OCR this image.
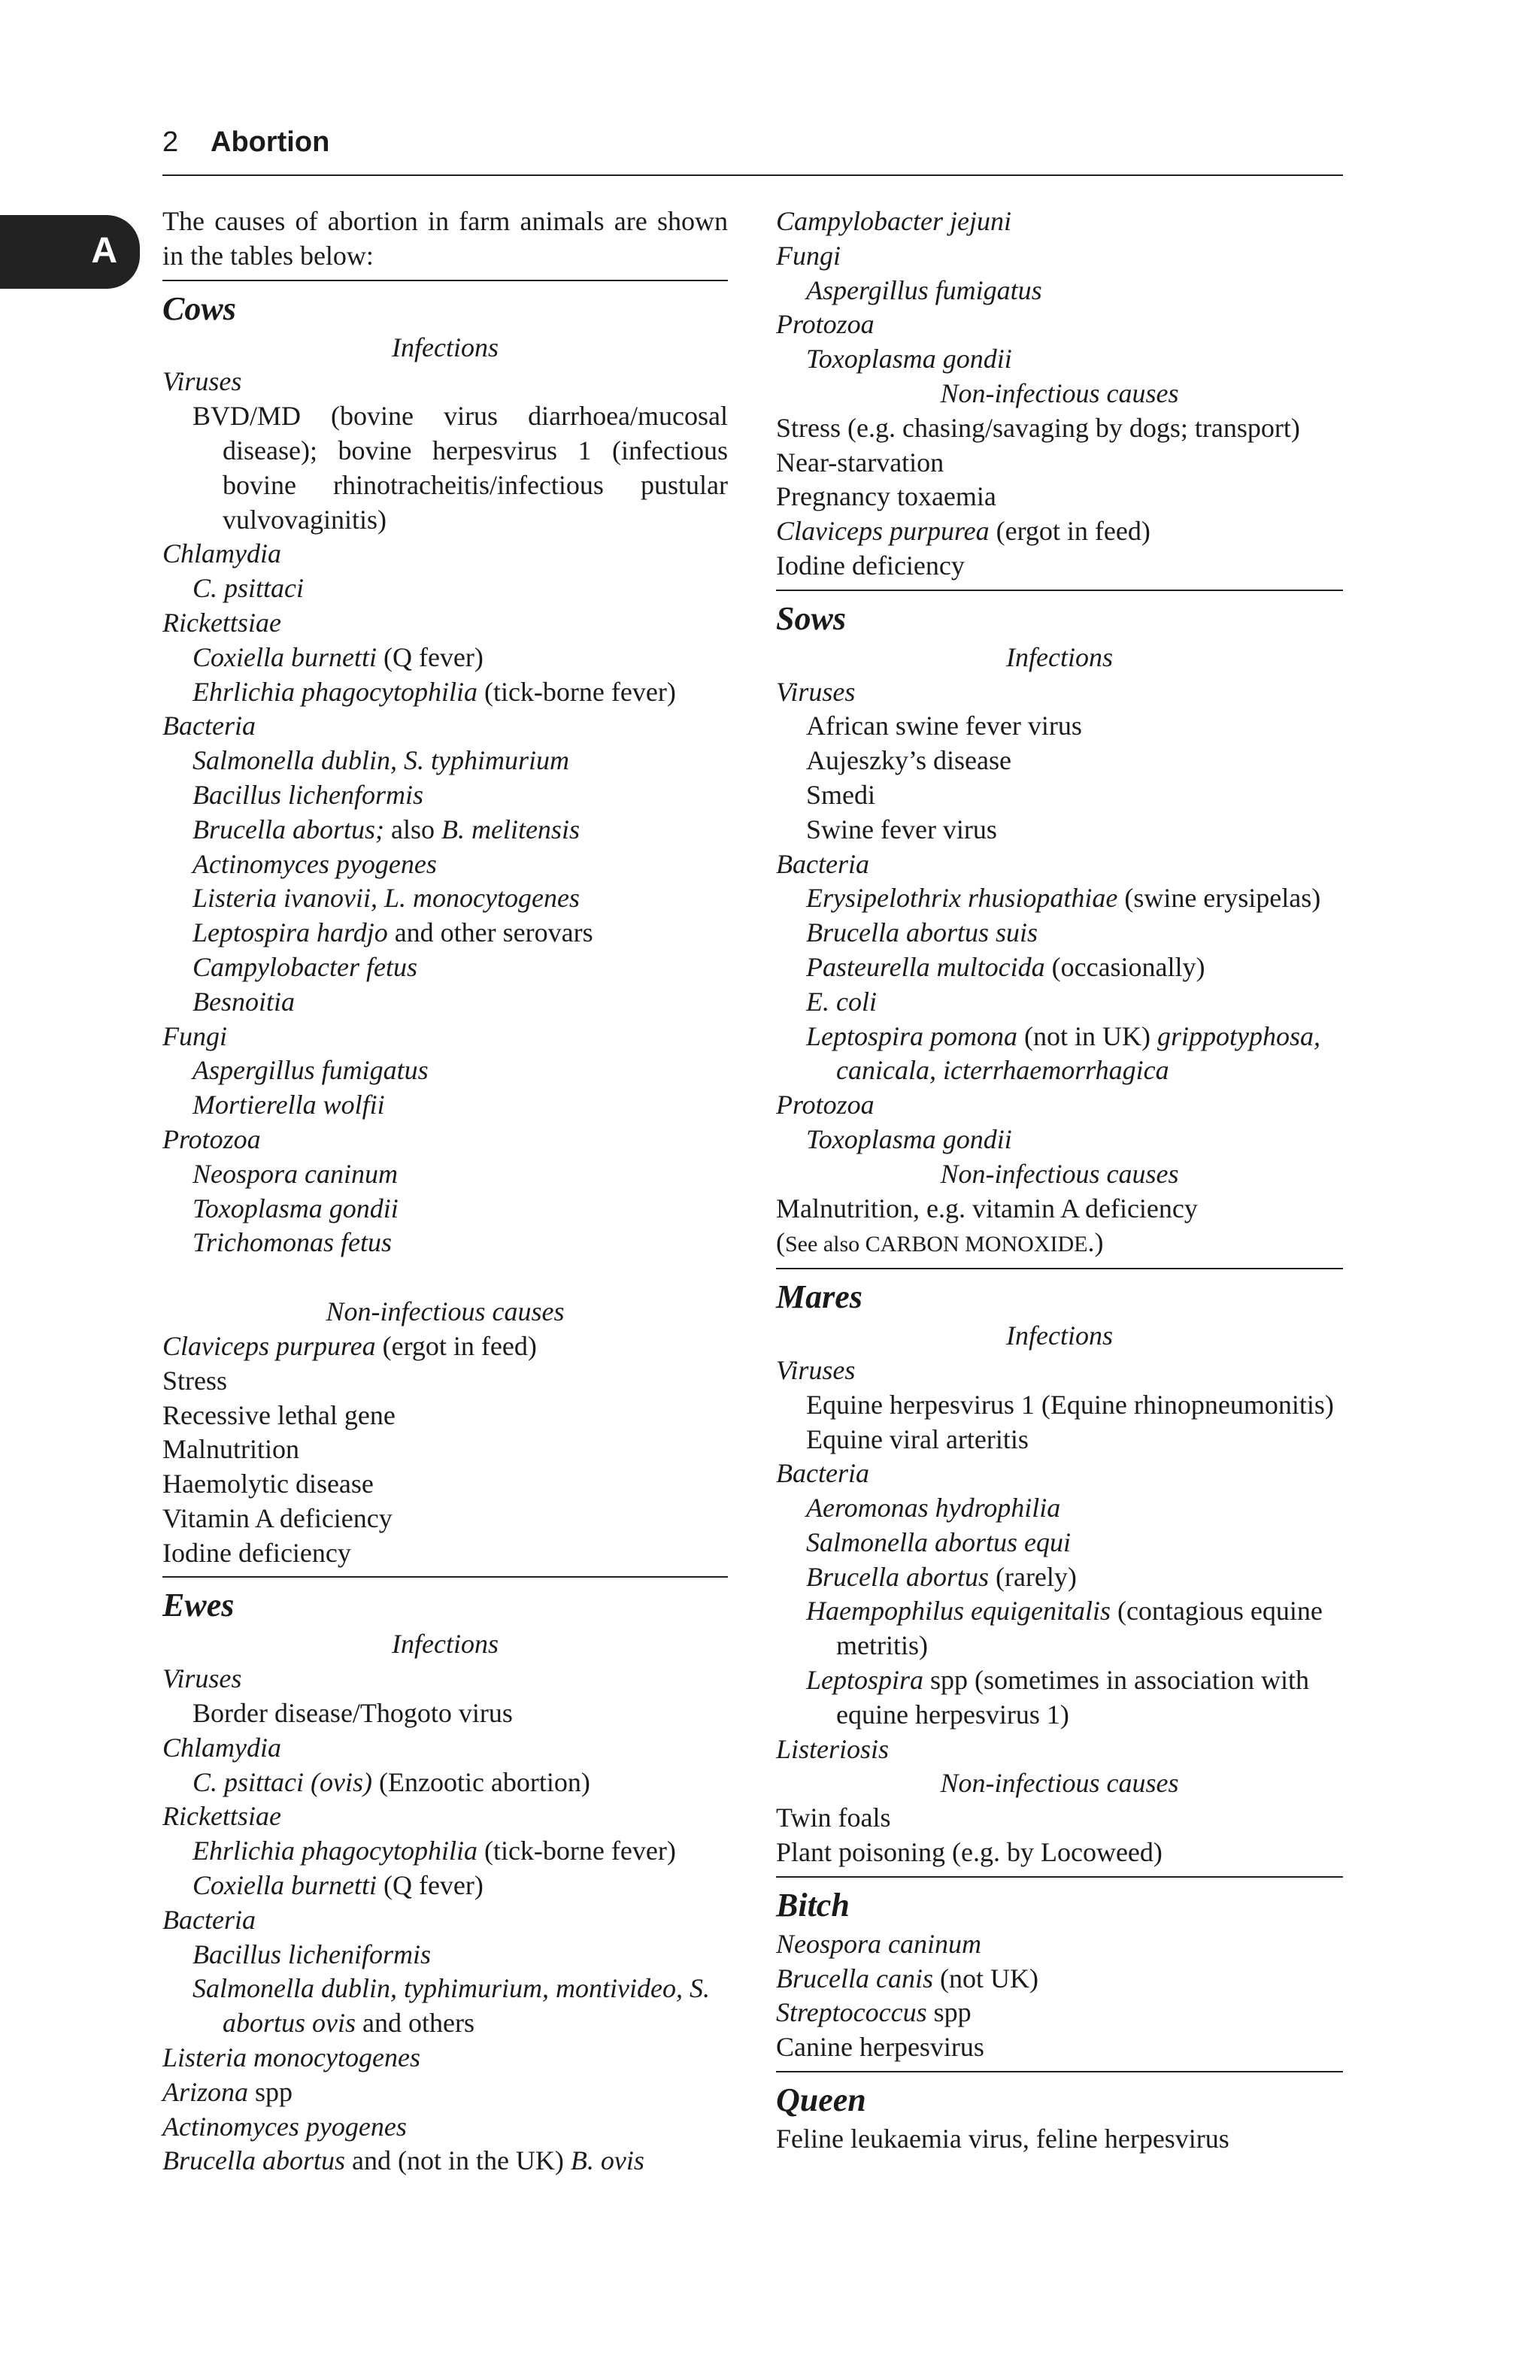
2 Abortion
A
The causes of abortion in farm animals are shown in the tables below:
Cows
Infections
Viruses
BVD/MD (bovine virus diarrhoea/mucosal disease); bovine herpesvirus 1 (infectious bovine rhinotracheitis/infectious pustular vulvovaginitis)
Chlamydia
C. psittaci
Rickettsiae
Coxiella burnetti (Q fever)
Ehrlichia phagocytophilia (tick-borne fever)
Bacteria
Salmonella dublin, S. typhimurium
Bacillus lichenformis
Brucella abortus; also B. melitensis
Actinomyces pyogenes
Listeria ivanovii, L. monocytogenes
Leptospira hardjo and other serovars
Campylobacter fetus
Besnoitia
Fungi
Aspergillus fumigatus
Mortierella wolfii
Protozoa
Neospora caninum
Toxoplasma gondii
Trichomonas fetus
Non-infectious causes
Claviceps purpurea (ergot in feed)
Stress
Recessive lethal gene
Malnutrition
Haemolytic disease
Vitamin A deficiency
Iodine deficiency
Ewes
Infections
Viruses
Border disease/Thogoto virus
Chlamydia
C. psittaci (ovis) (Enzootic abortion)
Rickettsiae
Ehrlichia phagocytophilia (tick-borne fever)
Coxiella burnetti (Q fever)
Bacteria
Bacillus licheniformis
Salmonella dublin, typhimurium, montivideo, S. abortus ovis and others
Listeria monocytogenes
Arizona spp
Actinomyces pyogenes
Brucella abortus and (not in the UK) B. ovis
Campylobacter jejuni
Fungi
Aspergillus fumigatus
Protozoa
Toxoplasma gondii
Non-infectious causes
Stress (e.g. chasing/savaging by dogs; transport)
Near-starvation
Pregnancy toxaemia
Claviceps purpurea (ergot in feed)
Iodine deficiency
Sows
Infections
Viruses
African swine fever virus
Aujeszky’s disease
Smedi
Swine fever virus
Bacteria
Erysipelothrix rhusiopathiae (swine erysipelas)
Brucella abortus suis
Pasteurella multocida (occasionally)
E. coli
Leptospira pomona (not in UK) grippotyphosa, canicala, icterrhaemorrhagica
Protozoa
Toxoplasma gondii
Non-infectious causes
Malnutrition, e.g. vitamin A deficiency
(See also CARBON MONOXIDE.)
Mares
Infections
Viruses
Equine herpesvirus 1 (Equine rhinopneumonitis)
Equine viral arteritis
Bacteria
Aeromonas hydrophilia
Salmonella abortus equi
Brucella abortus (rarely)
Haempophilus equigenitalis (contagious equine metritis)
Leptospira spp (sometimes in association with equine herpesvirus 1)
Listeriosis
Non-infectious causes
Twin foals
Plant poisoning (e.g. by Locoweed)
Bitch
Neospora caninum
Brucella canis (not UK)
Streptococcus spp
Canine herpesvirus
Queen
Feline leukaemia virus, feline herpesvirus
